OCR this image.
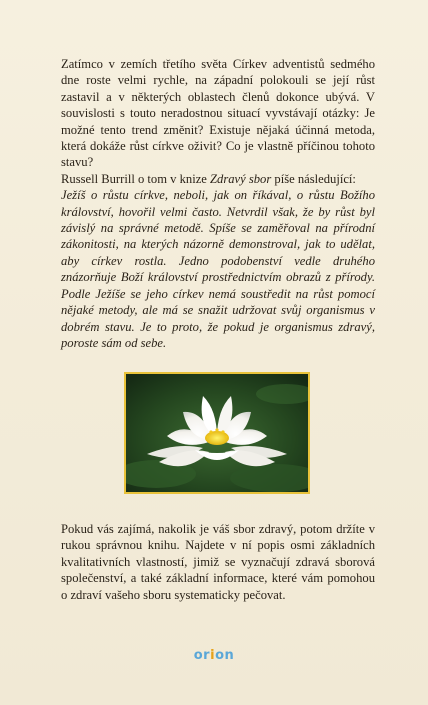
Zatímco v zemích třetího světa Církev adventistů sedmého dne roste velmi rychle, na západní polokouli se její růst zastavil a v některých oblastech členů dokonce ubývá. V souvislosti s touto neradostnou situací vyvstávají otázky: Je možné tento trend změnit? Existuje nějaká účinná metoda, která dokáže růst církve oživit? Co je vlastně příčinou tohoto stavu?

Russell Burrill o tom v knize Zdravý sbor píše následující:

Ježíš o růstu církve, neboli, jak on říkával, o růstu Božího království, hovořil velmi často. Netvrdil však, že by růst byl závislý na správné metodě. Spíše se zaměřoval na přírodní zákonitosti, na kterých názorně demonstroval, jak to udělat, aby církev rostla. Jedno podobenství vedle druhého znázorňuje Boží království prostřednictvím obrazů z přírody. Podle Ježíše se jeho církev nemá soustředit na růst pomocí nějaké metody, ale má se snažit udržovat svůj organismus v dobrém stavu. Je to proto, že pokud je organismus zdravý, poroste sám od sebe.

Pokud vás zajímá, nakolik je váš sbor zdravý, potom držíte v rukou správnou knihu. Najdete v ní popis osmi základních kvalitativních vlastností, jimiž se vyznačují zdravá sborová společenství, a také základní informace, které vám pomohou o zdraví vašeho sboru systematicky pečovat.

orion
